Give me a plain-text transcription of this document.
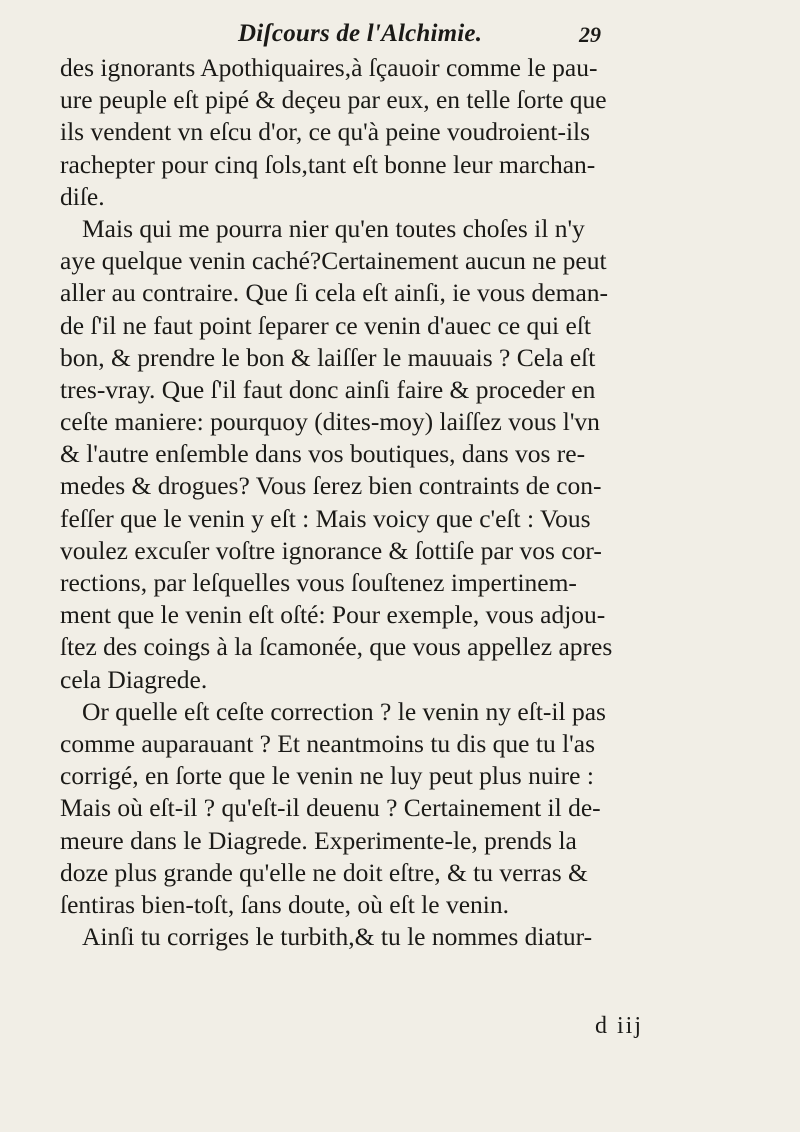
Diſcours de l'Alchimie.	29
des ignorants Apothiquaires,à ſçauoir comme le pau-
ure peuple eſt pipé & deçeu par eux, en telle ſorte que
ils vendent vn eſcu d'or, ce qu'à peine voudroient-ils
rachepter pour cinq ſols,tant eſt bonne leur marchan-
diſe.
Mais qui me pourra nier qu'en toutes choſes il n'y
aye quelque venin caché?Certainement aucun ne peut
aller au contraire. Que ſi cela eſt ainſi, ie vous deman-
de ſ'il ne faut point ſeparer ce venin d'auec ce qui eſt
bon, & prendre le bon & laiſſer le mauuais ? Cela eſt
tres-vray. Que ſ'il faut donc ainſi faire & proceder en
ceſte maniere: pourquoy (dites-moy) laiſſez vous l'vn
& l'autre enſemble dans vos boutiques, dans vos re-
medes & drogues? Vous ſerez bien contraints de con-
feſſer que le venin y eſt : Mais voicy que c'eſt : Vous
voulez excuſer voſtre ignorance & ſottiſe par vos cor-
rections, par leſquelles vous ſouſtenez impertinem-
ment que le venin eſt oſté: Pour exemple, vous adjou-
ſtez des coings à la ſcamonée, que vous appellez apres
cela Diagrede.
Or quelle eſt ceſte correction ? le venin ny eſt-il pas
comme auparauant ? Et neantmoins tu dis que tu l'as
corrigé, en ſorte que le venin ne luy peut plus nuire :
Mais où eſt-il ? qu'eſt-il deuenu ? Certainement il de-
meure dans le Diagrede. Experimente-le, prends la
doze plus grande qu'elle ne doit eſtre, & tu verras &
ſentiras bien-toſt, ſans doute, où eſt le venin.
Ainſi tu corriges le turbith,& tu le nommes diatur-
d iij
